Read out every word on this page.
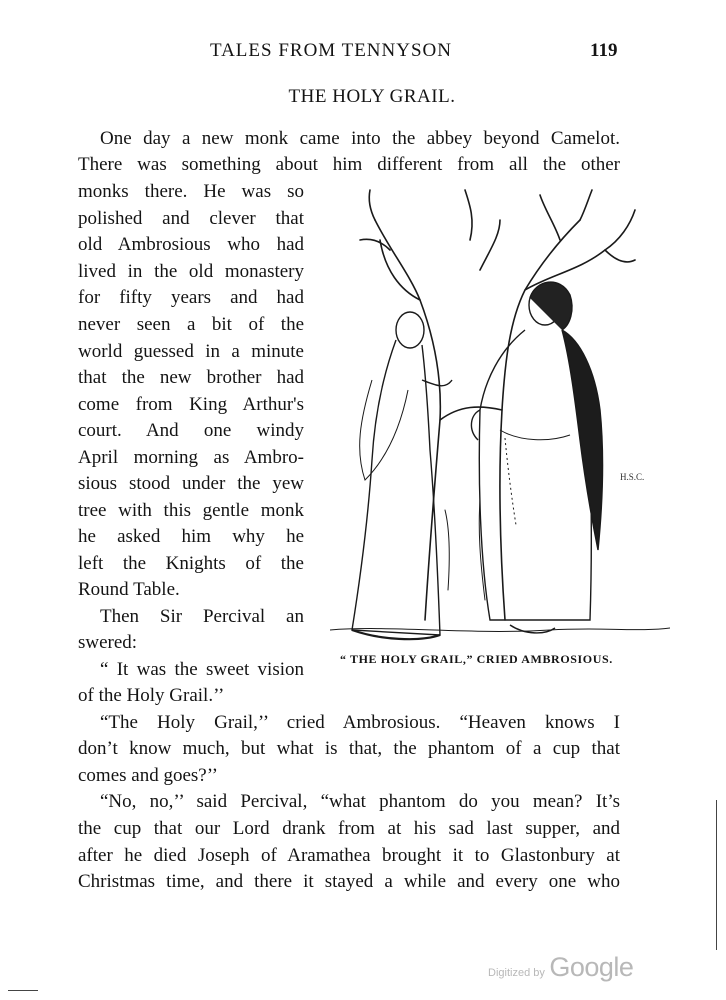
TALES FROM TENNYSON	119
THE HOLY GRAIL.
One day a new monk came into the abbey beyond Camelot.
There was something about him different from all the other
monks there. He was so
polished and clever that
old Ambrosious who had
lived in the old monastery
for fifty years and had
never seen a bit of the
world guessed in a minute
that the new brother had
come from King Arthur's
court. And one windy
April morning as Ambro-
sious stood under the yew
tree with this gentle monk
he asked him why he
left the Knights of the
Round Table.
Then Sir Percival an
swered:
“ It was the sweet vision
of the Holy Grail.’’
“The Holy Grail,’’ cried Ambrosious. “Heaven knows I
don’t know much, but what is that, the phantom of a cup that
comes and goes?’’
“No, no,’’ said Percival, “what phantom do you mean? It’s
the cup that our Lord drank from at his sad last supper, and
after he died Joseph of Aramathea brought it to Glastonbury at
Christmas time, and there it stayed a while and every one who
H.S.C.
“ THE HOLY GRAIL,” CRIED AMBROSIOUS.
Digitized by Google
